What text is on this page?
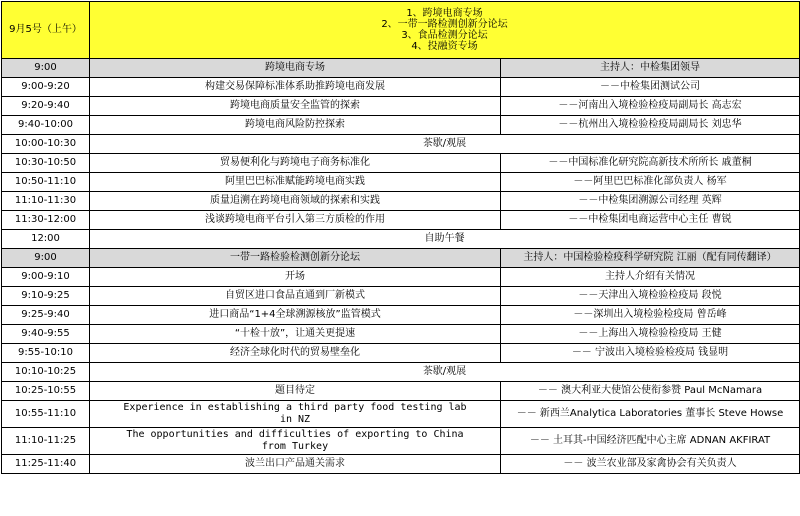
9月5号（上午）	1、跨境电商专场
2、一带一路检测创新分论坛
3、食品检测分论坛
4、投融资专场	

9:00	跨境电商专场	主持人：中检集团领导
9:00-9:20	构建交易保障标准体系助推跨境电商发展	－－中检集团测试公司
9:20-9:40	跨境电商质量安全监管的探索	－－河南出入境检验检疫局副局长 高志宏
9:40-10:00	跨境电商风险防控探索	－－杭州出入境检验检疫局副局长 刘忠华
10:00-10:30	茶歇/观展	
10:30-10:50	贸易便利化与跨境电子商务标准化	－－中国标准化研究院高新技术所所长 戚董桐
10:50-11:10	阿里巴巴标准赋能跨境电商实践	－－阿里巴巴标准化部负责人 杨军
11:10-11:30	质量追溯在跨境电商领域的探索和实践	－－中检集团溯源公司经理 英辉
11:30-12:00	浅谈跨境电商平台引入第三方质检的作用	－－中检集团电商运营中心主任 曹锐
12:00	自助午餐	
9:00	一带一路检验检测创新分论坛	主持人：中国检验检疫科学研究院 江丽（配有同传翻译）
9:00-9:10	开场	主持人介绍有关情况
9:10-9:25	自贸区进口食品直通到厂新模式	－－天津出入境检验检疫局 段悦
9:25-9:40	进口商品“1+4全球溯源核放”监管模式	－－深圳出入境检验检疫局 曾岳峰
9:40-9:55	“十检十放”，让通关更提速	－－上海出入境检验检疫局 王健
9:55-10:10	经济全球化时代的贸易壁垒化	－－ 宁波出入境检验检疫局 钱显明
10:10-10:25	茶歇/观展	
10:25-10:55	题目待定	－－ 澳大利亚大使馆公使衔参赞 Paul McNamara
10:55-11:10	Experience in establishing a third party food testing lab
in NZ	－－ 新西兰Analytica Laboratories 董事长 Steve Howse
11:10-11:25	The opportunities and difficulties of exporting to China
from Turkey	－－ 土耳其-中国经济匹配中心主席 ADNAN AKFIRAT
11:25-11:40	波兰出口产品通关需求	－－ 波兰农业部及家禽协会有关负责人
